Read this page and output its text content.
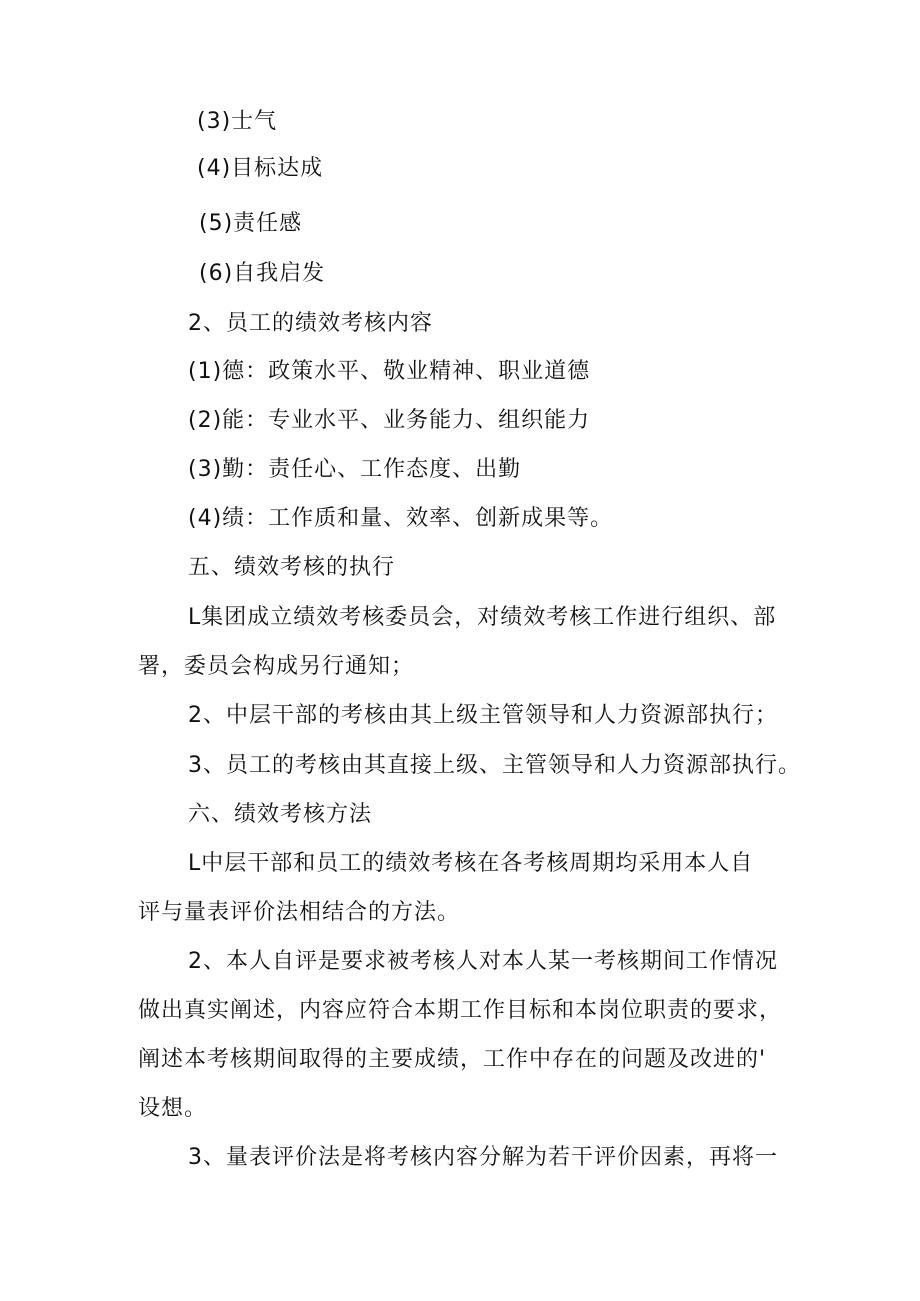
(3)士气
(4)目标达成
(5)责任感
(6)自我启发
2、员工的绩效考核内容
(1)德：政策水平、敬业精神、职业道德
(2)能：专业水平、业务能力、组织能力
(3)勤：责任心、工作态度、出勤
(4)绩：工作质和量、效率、创新成果等。
五、绩效考核的执行
L集团成立绩效考核委员会，对绩效考核工作进行组织、部
署，委员会构成另行通知；
2、中层干部的考核由其上级主管领导和人力资源部执行；
3、员工的考核由其直接上级、主管领导和人力资源部执行。
六、绩效考核方法
L中层干部和员工的绩效考核在各考核周期均采用本人自
评与量表评价法相结合的方法。
2、本人自评是要求被考核人对本人某一考核期间工作情况
做出真实阐述，内容应符合本期工作目标和本岗位职责的要求，
阐述本考核期间取得的主要成绩，工作中存在的问题及改进的'
设想。
3、量表评价法是将考核内容分解为若干评价因素，再将一
